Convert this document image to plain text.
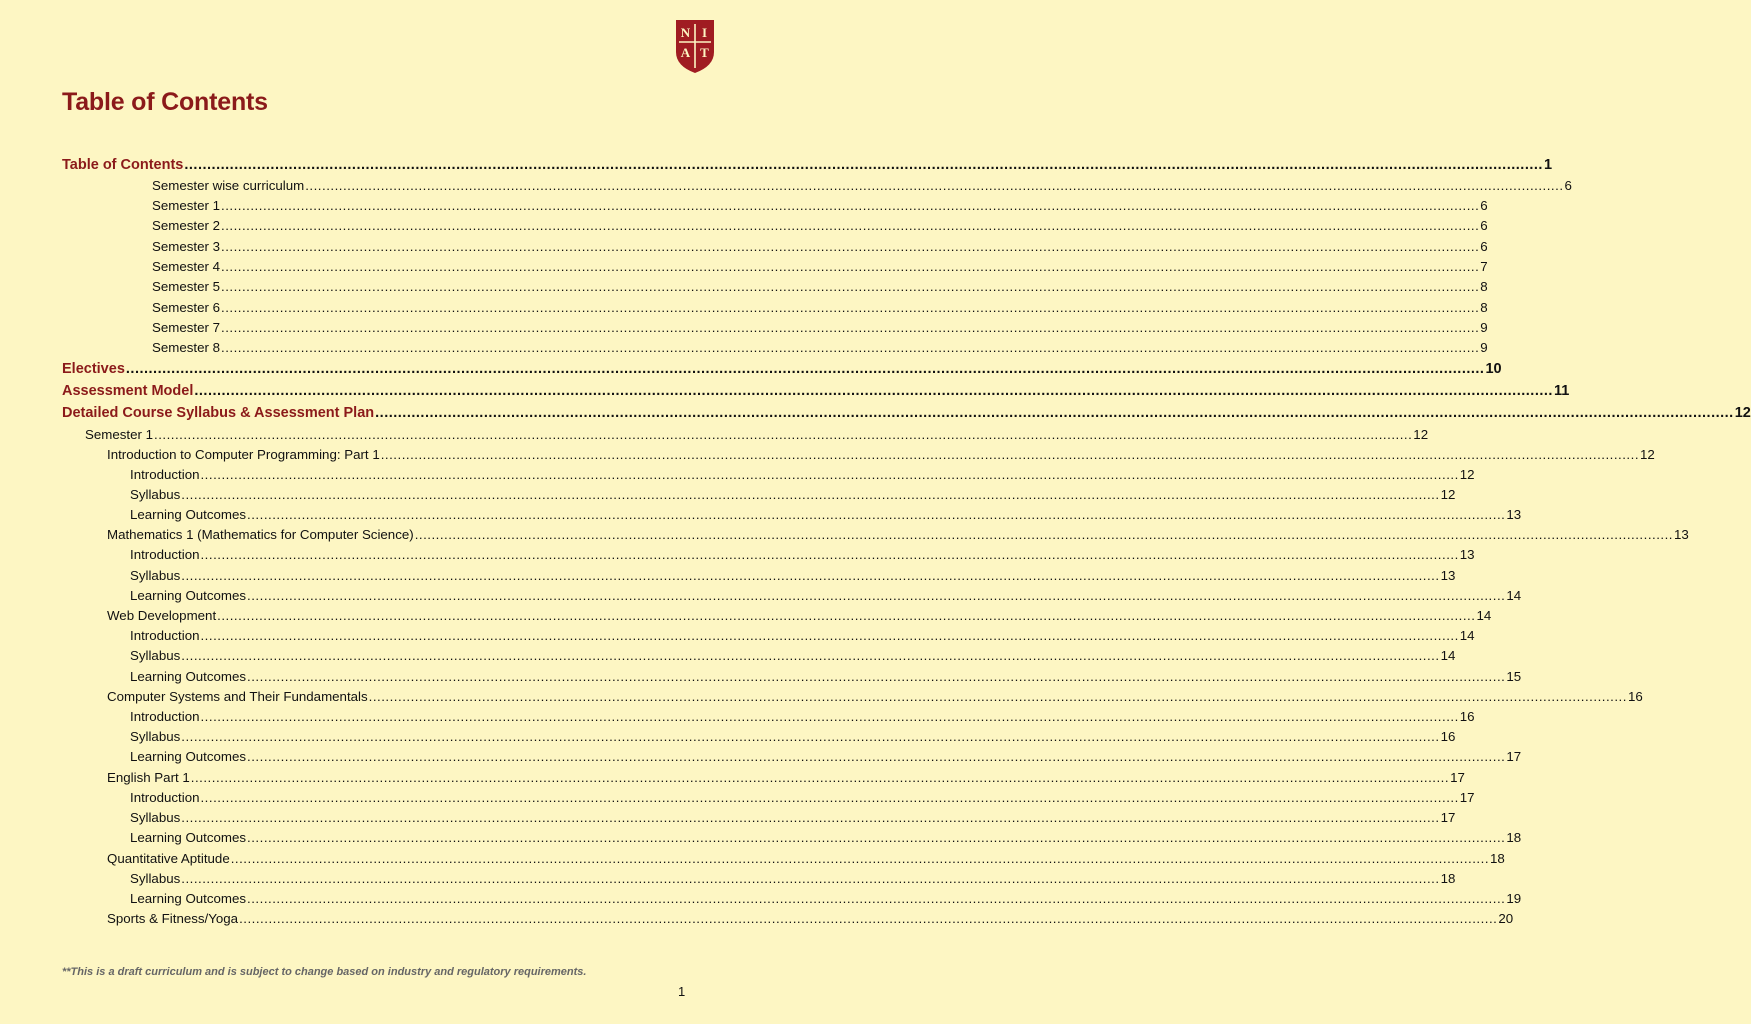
N I
A T
Table of Contents
Table of Contents ............................................................................................................................................................................................................................................................................................................ 1
Semester wise curriculum ............................................................................................................................................................................................................................................................................................................ 6
Semester 1 ............................................................................................................................................................................................................................................................................................................ 6
Semester 2 ............................................................................................................................................................................................................................................................................................................ 6
Semester 3 ............................................................................................................................................................................................................................................................................................................ 6
Semester 4 ............................................................................................................................................................................................................................................................................................................ 7
Semester 5 ............................................................................................................................................................................................................................................................................................................ 8
Semester 6 ............................................................................................................................................................................................................................................................................................................ 8
Semester 7 ............................................................................................................................................................................................................................................................................................................ 9
Semester 8 ............................................................................................................................................................................................................................................................................................................ 9
Electives ............................................................................................................................................................................................................................................................................................................ 10
Assessment Model ............................................................................................................................................................................................................................................................................................................ 11
Detailed Course Syllabus & Assessment Plan ............................................................................................................................................................................................................................................................................................................ 12
Semester 1 ............................................................................................................................................................................................................................................................................................................ 12
Introduction to Computer Programming: Part 1 ............................................................................................................................................................................................................................................................................................................ 12
Introduction ............................................................................................................................................................................................................................................................................................................ 12
Syllabus ............................................................................................................................................................................................................................................................................................................ 12
Learning Outcomes ............................................................................................................................................................................................................................................................................................................ 13
Mathematics 1 (Mathematics for Computer Science) ............................................................................................................................................................................................................................................................................................................ 13
Introduction ............................................................................................................................................................................................................................................................................................................ 13
Syllabus ............................................................................................................................................................................................................................................................................................................ 13
Learning Outcomes ............................................................................................................................................................................................................................................................................................................ 14
Web Development ............................................................................................................................................................................................................................................................................................................ 14
Introduction ............................................................................................................................................................................................................................................................................................................ 14
Syllabus ............................................................................................................................................................................................................................................................................................................ 14
Learning Outcomes ............................................................................................................................................................................................................................................................................................................ 15
Computer Systems and Their Fundamentals ............................................................................................................................................................................................................................................................................................................ 16
Introduction ............................................................................................................................................................................................................................................................................................................ 16
Syllabus ............................................................................................................................................................................................................................................................................................................ 16
Learning Outcomes ............................................................................................................................................................................................................................................................................................................ 17
English Part 1 ............................................................................................................................................................................................................................................................................................................ 17
Introduction ............................................................................................................................................................................................................................................................................................................ 17
Syllabus ............................................................................................................................................................................................................................................................................................................ 17
Learning Outcomes ............................................................................................................................................................................................................................................................................................................ 18
Quantitative Aptitude ............................................................................................................................................................................................................................................................................................................ 18
Syllabus ............................................................................................................................................................................................................................................................................................................ 18
Learning Outcomes ............................................................................................................................................................................................................................................................................................................ 19
Sports & Fitness/Yoga ............................................................................................................................................................................................................................................................................................................ 20
**This is a draft curriculum and is subject to change based on industry and regulatory requirements.
1
